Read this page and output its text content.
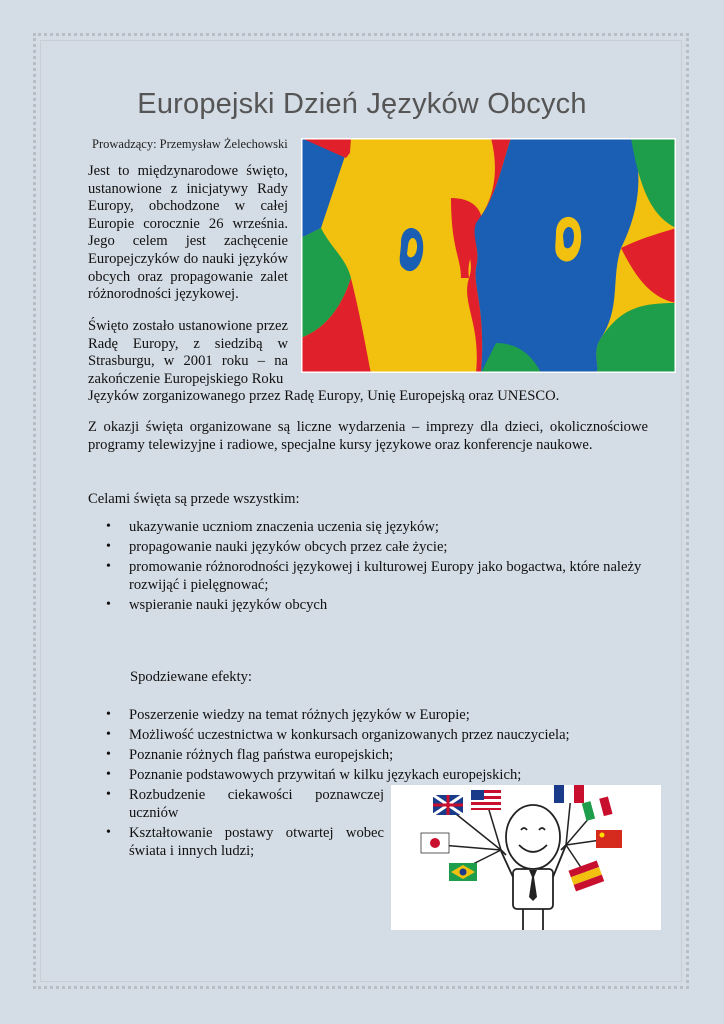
Europejski Dzień Języków Obcych
Prowadzący: Przemysław Żelechowski
Jest to międzynarodowe święto, ustanowione z inicjatywy Rady Europy, obchodzone w całej Europie corocznie 26 września. Jego celem jest zachęcenie Europejczyków do nauki języków obcych oraz propagowanie zalet różnorodności językowej.
Święto zostało ustanowione przez Radę Europy, z siedzibą w Strasburgu, w 2001 roku – na zakończenie Europejskiego Roku
Języków zorganizowanego przez Radę Europy, Unię Europejską oraz UNESCO.
Z okazji święta organizowane są liczne wydarzenia – imprezy dla dzieci, okolicznościowe programy telewizyjne i radiowe, specjalne kursy językowe oraz konferencje naukowe.
Celami święta są przede wszystkim:
• ukazywanie uczniom znaczenia uczenia się języków;
• propagowanie nauki języków obcych przez całe życie;
• promowanie różnorodności językowej i kulturowej Europy jako bogactwa, które należy rozwijąć i pielęgnować;
• wspieranie nauki języków obcych
Spodziewane efekty:
• Poszerzenie wiedzy na temat różnych języków w Europie;
• Możliwość uczestnictwa w konkursach organizowanych przez nauczyciela;
• Poznanie różnych flag państwa europejskich;
• Poznanie podstawowych przywitań w kilku językach europejskich;
• Rozbudzenie ciekawości poznawczej uczniów
• Kształtowanie postawy otwartej wobec świata i innych ludzi;
